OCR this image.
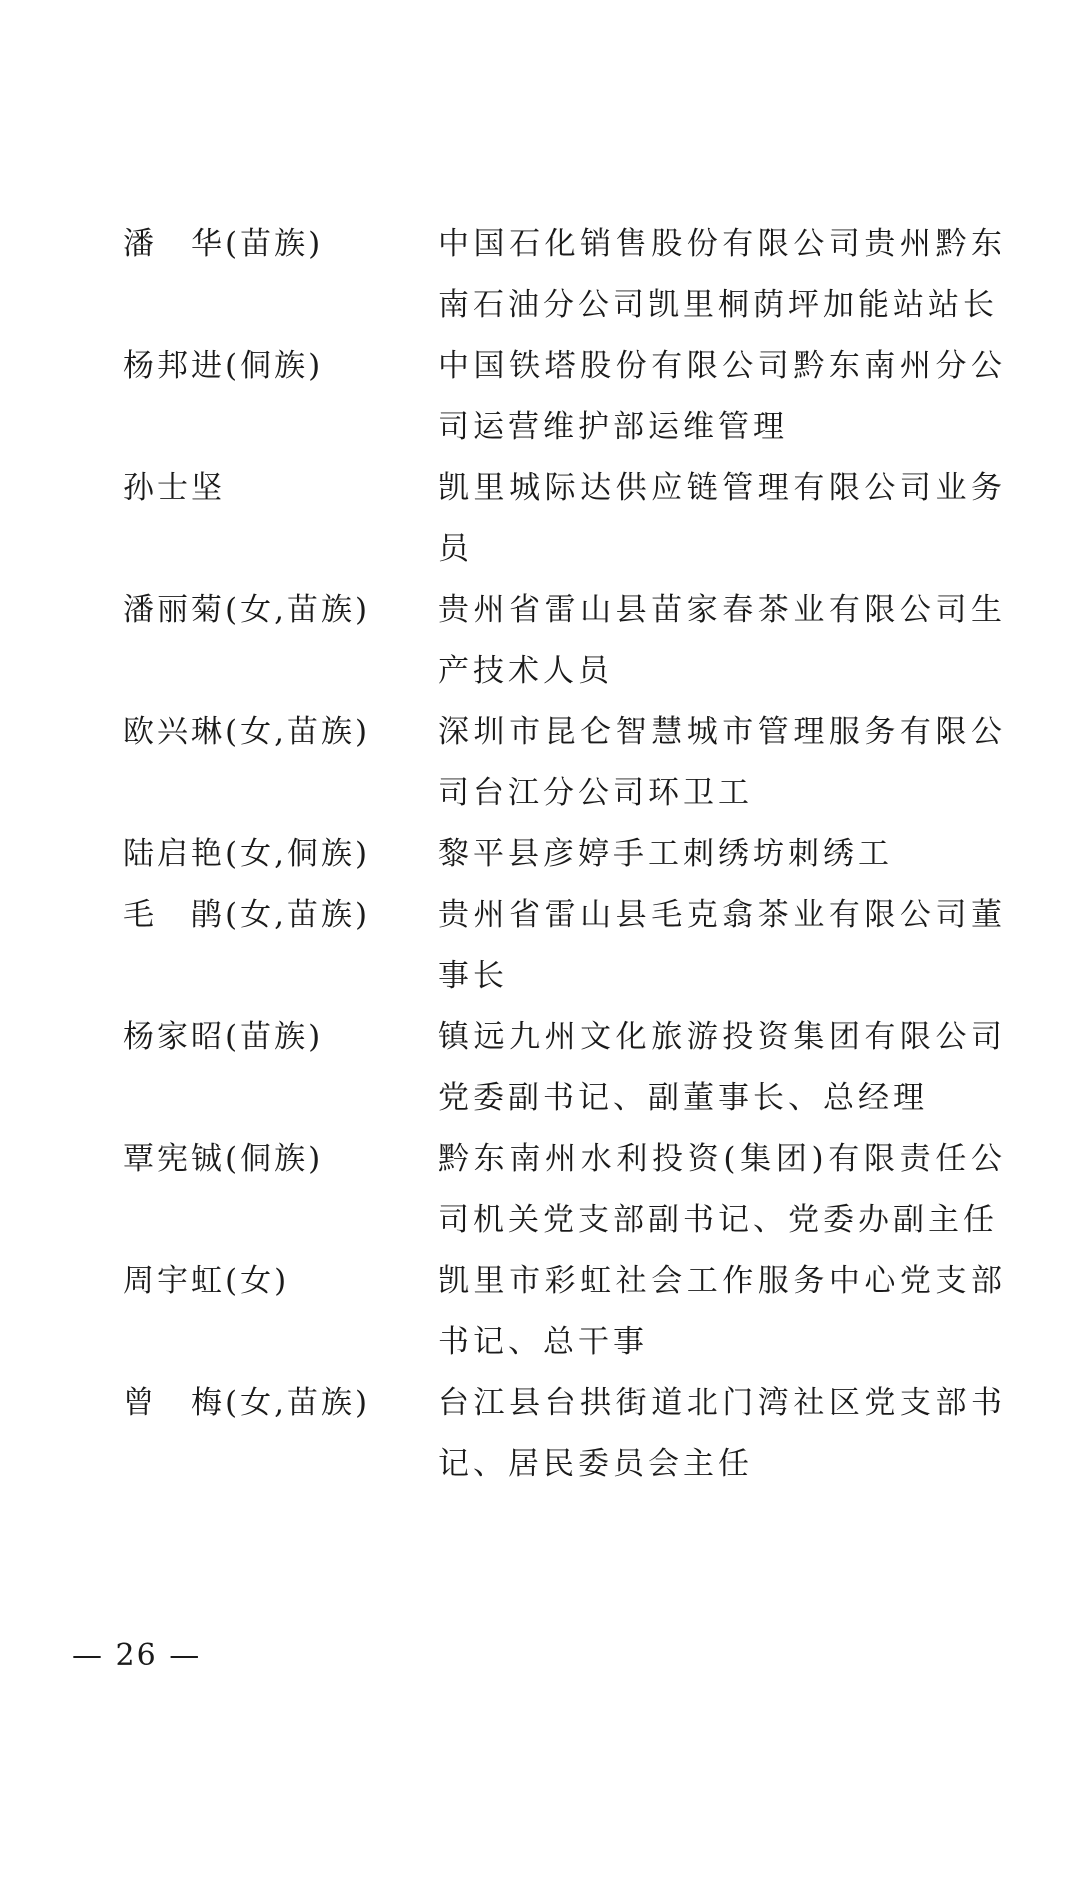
潘　华(苗族)	中国石化销售股份有限公司贵州黔东南石油分公司凯里桐荫坪加能站站长
杨邦进(侗族)	中国铁塔股份有限公司黔东南州分公司运营维护部运维管理
孙士坚	凯里城际达供应链管理有限公司业务员
潘丽菊(女,苗族)	贵州省雷山县苗家春茶业有限公司生产技术人员
欧兴琳(女,苗族)	深圳市昆仑智慧城市管理服务有限公司台江分公司环卫工
陆启艳(女,侗族)	黎平县彦婷手工刺绣坊刺绣工
毛　鹃(女,苗族)	贵州省雷山县毛克翕茶业有限公司董事长
杨家昭(苗族)	镇远九州文化旅游投资集团有限公司党委副书记、副董事长、总经理
覃宪铖(侗族)	黔东南州水利投资(集团)有限责任公司机关党支部副书记、党委办副主任
周宇虹(女)	凯里市彩虹社会工作服务中心党支部书记、总干事
曾　梅(女,苗族)	台江县台拱街道北门湾社区党支部书记、居民委员会主任
— 26 —
